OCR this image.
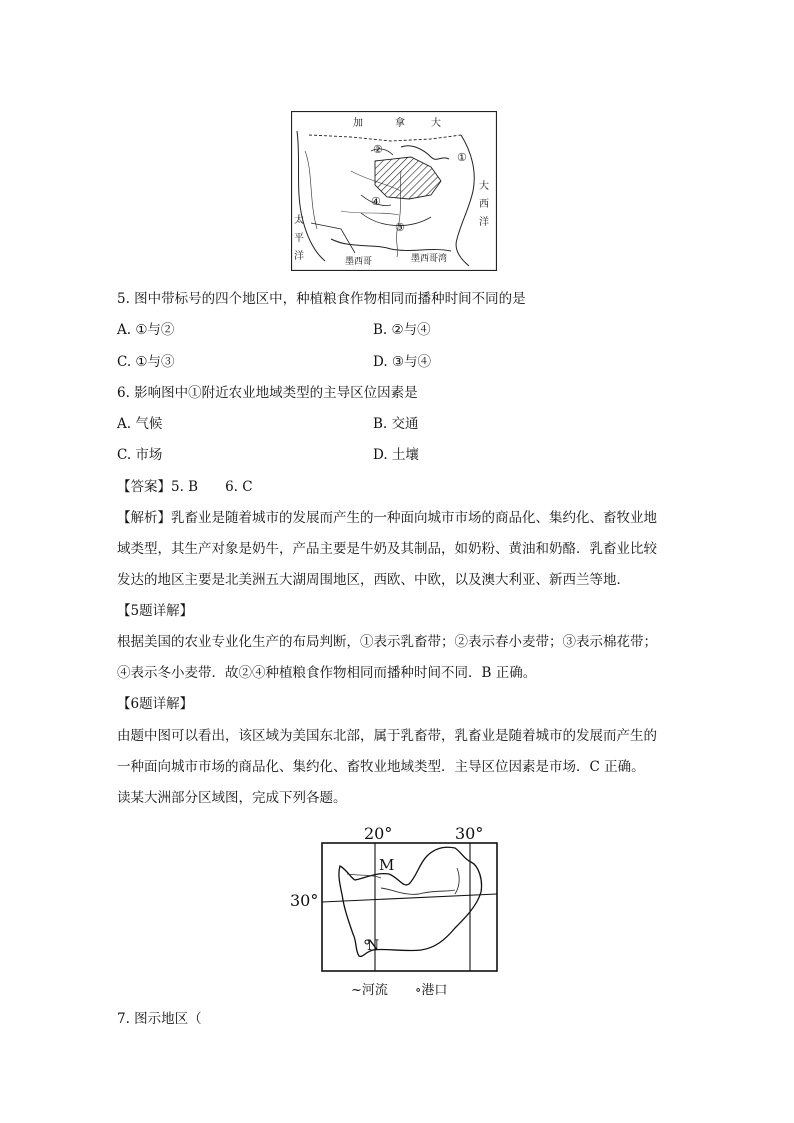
加	拿	大
大
西
洋
太
平
洋	墨西哥	墨西哥湾
①
②
③
④
5. 图中带标号的四个地区中，种植粮食作物相同而播种时间不同的是
A. ①与②	B. ②与④
C. ①与③	D. ③与④
6. 影响图中①附近农业地域类型的主导区位因素是
A. 气候	B. 交通
C. 市场	D. 土壤
【答案】5. B　　6. C
【解析】乳畜业是随着城市的发展而产生的一种面向城市市场的商品化、集约化、畜牧业地
域类型，其生产对象是奶牛，产品主要是牛奶及其制品，如奶粉、黄油和奶酪．乳畜业比较
发达的地区主要是北美洲五大湖周围地区，西欧、中欧，以及澳大利亚、新西兰等地．
【5题详解】
根据美国的农业专业化生产的布局判断，①表示乳畜带；②表示春小麦带；③表示棉花带；
④表示冬小麦带．故②④种植粮食作物相同而播种时间不同．B 正确。
【6题详解】
由题中图可以看出，该区域为美国东北部，属于乳畜带，乳畜业是随着城市的发展而产生的
一种面向城市市场的商品化、集约化、畜牧业地域类型．主导区位因素是市场．C 正确。
读某大洲部分区域图，完成下列各题。
20°	30°
30°
M
N
~河流 ∘港口
7. 图示地区（
